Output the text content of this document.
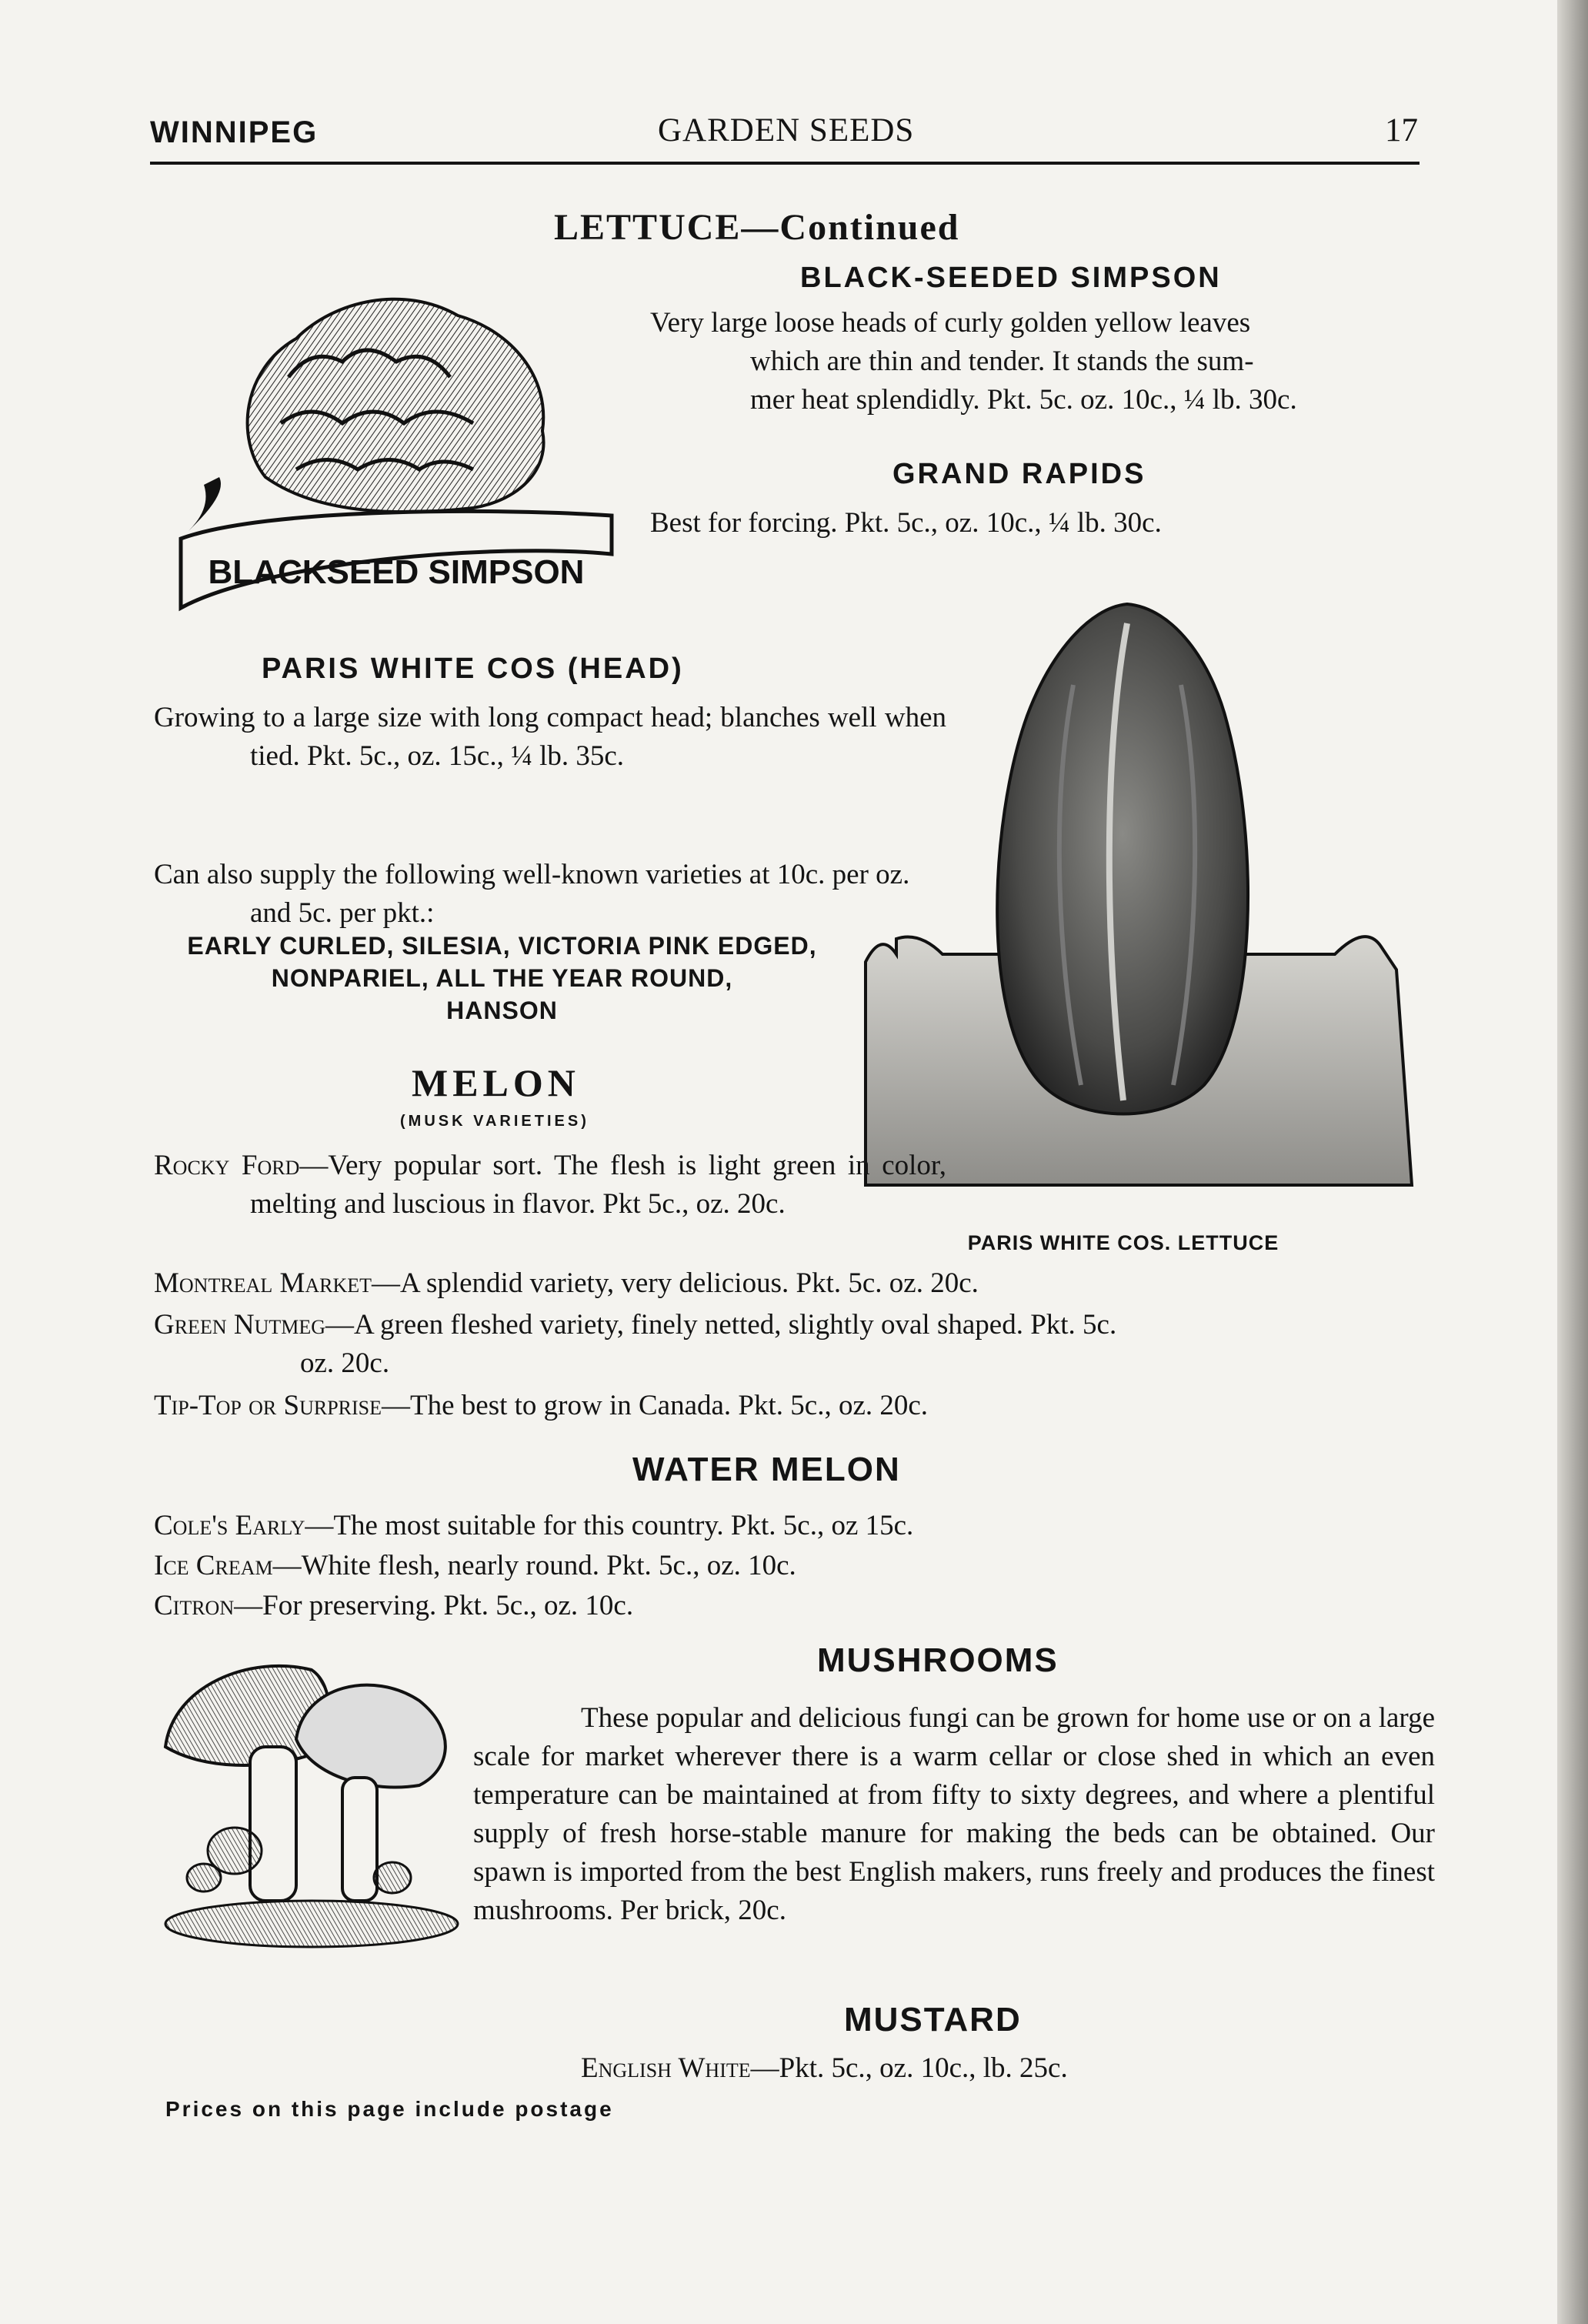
WINNIPEG	GARDEN SEEDS	17
LETTUCE—Continued
BLACK-SEEDED SIMPSON
Very large loose heads of curly golden yellow leaves
which are thin and tender. It stands the sum-
mer heat splendidly. Pkt. 5c. oz. 10c., ¼ lb. 30c.
GRAND RAPIDS
Best for forcing. Pkt. 5c., oz. 10c., ¼ lb. 30c.
BLACKSEED SIMPSON
PARIS WHITE COS (HEAD)
Growing to a large size with long compact head; blanches well when tied. Pkt. 5c., oz. 15c., ¼ lb. 35c.
Can also supply the following well-known varieties at 10c. per oz. and 5c. per pkt.:
EARLY CURLED, SILESIA, VICTORIA PINK EDGED,
NONPARIEL, ALL THE YEAR ROUND,
HANSON
PARIS WHITE COS. LETTUCE
MELON
(MUSK VARIETIES)
Rocky Ford—Very popular sort. The flesh is light green in color, melting and luscious in flavor. Pkt 5c., oz. 20c.
Montreal Market—A splendid variety, very delicious. Pkt. 5c. oz. 20c.
Green Nutmeg—A green fleshed variety, finely netted, slightly oval shaped. Pkt. 5c.
oz. 20c.
Tip-Top or Surprise—The best to grow in Canada. Pkt. 5c., oz. 20c.
WATER MELON
Cole's Early—The most suitable for this country. Pkt. 5c., oz 15c.
Ice Cream—White flesh, nearly round. Pkt. 5c., oz. 10c.
Citron—For preserving. Pkt. 5c., oz. 10c.
MUSHROOMS
These popular and delicious fungi can be grown for home use or on a large scale for market wherever there is a warm cellar or close shed in which an even temperature can be maintained at from fifty to sixty degrees, and where a plentiful supply of fresh horse-stable manure for making the beds can be obtained. Our spawn is imported from the best English makers, runs freely and produces the finest mushrooms. Per brick, 20c.
MUSTARD
English White—Pkt. 5c., oz. 10c., lb. 25c.
Prices on this page include postage
